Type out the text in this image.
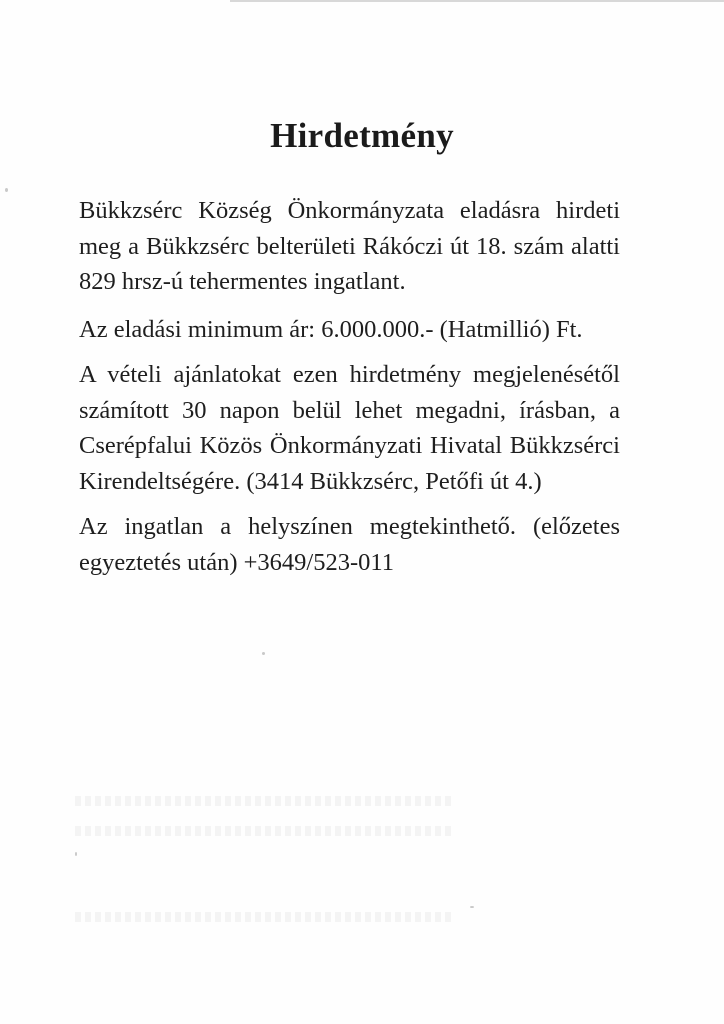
Hirdetmény

Bükkzsérc Község Önkormányzata eladásra hirdeti meg a Bükkzsérc belterületi Rákóczi út 18. szám alatti 829 hrsz-ú tehermentes ingatlant.

Az eladási minimum ár: 6.000.000.- (Hatmillió) Ft.

A vételi ajánlatokat ezen hirdetmény megjelenésétől számított 30 napon belül lehet megadni, írásban, a Cserépfalui Közös Önkormányzati Hivatal Bükkzsérci Kirendeltségére. (3414 Bükkzsérc, Petőfi út 4.)

Az ingatlan a helyszínen megtekinthető. (előzetes egyeztetés után) +3649/523-011
